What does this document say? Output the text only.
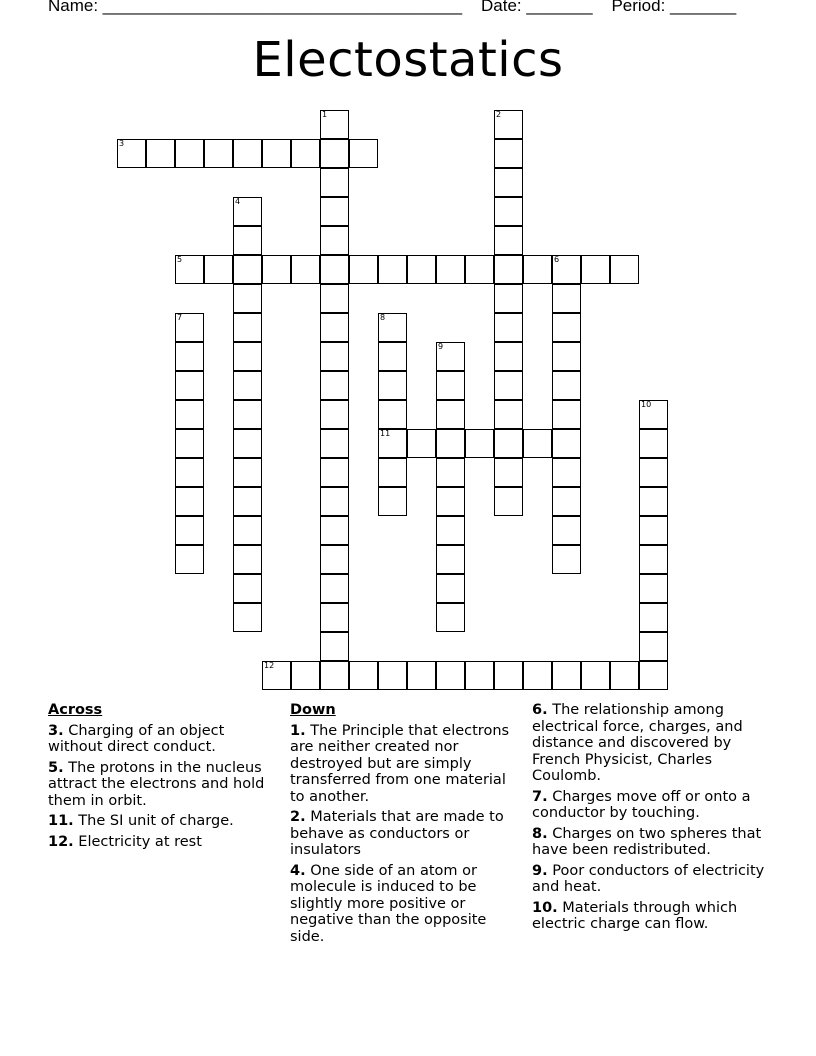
Name: ______________________________________ Date: _______ Period: _______
Electostatics
1	2
3
4
5	6
7	8
11
9
10
12
Across
3. Charging of an object without direct conduct.
5. The protons in the nucleus attract the electrons and hold them in orbit.
11. The SI unit of charge.
12. Electricity at rest
Down
1. The Principle that electrons are neither created nor destroyed but are simply transferred from one material to another.
2. Materials that are made to behave as conductors or insulators
4. One side of an atom or molecule is induced to be slightly more positive or negative than the opposite side.
6. The relationship among electrical force, charges, and distance and discovered by French Physicist, Charles Coulomb.
7. Charges move off or onto a conductor by touching.
8. Charges on two spheres that have been redistributed.
9. Poor conductors of electricity and heat.
10. Materials through which electric charge can flow.
